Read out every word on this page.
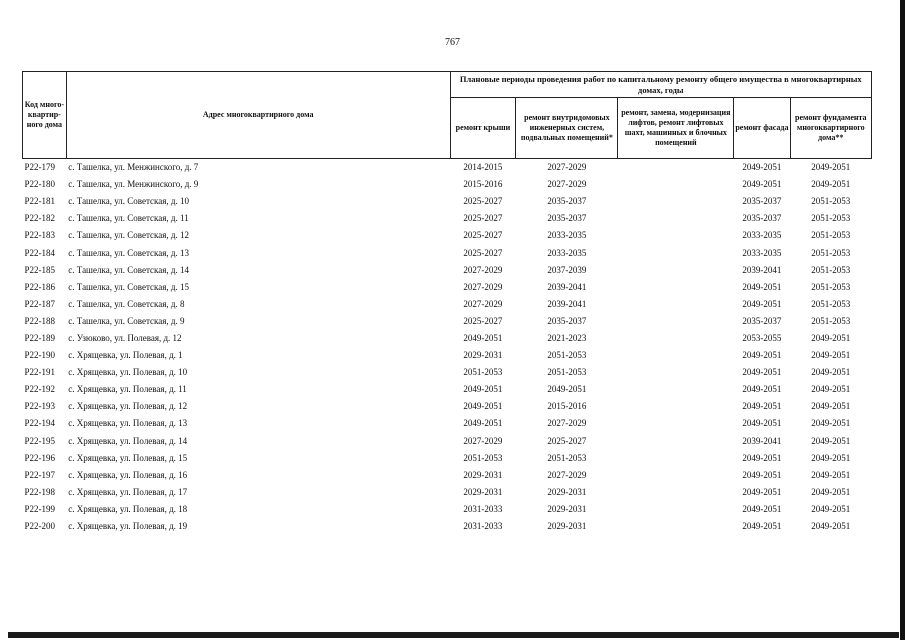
767
Код много-квартир-ного дома	Адрес многоквартирного дома	Плановые периоды проведения работ по капитальному ремонту общего имущества в многоквартирных домах, годы				
		ремонт крыши	ремонт внутридомовых инженерных систем, подвальных помещений*	ремонт, замена, модернизация лифтов, ремонт лифтовых шахт, машинных и блочных помещений	ремонт фасада	ремонт фундамента многоквартирного дома**
P22-179	с. Ташелка, ул. Менжинского, д. 7	2014-2015	2027-2029		2049-2051	2049-2051
P22-180	с. Ташелка, ул. Менжинского, д. 9	2015-2016	2027-2029		2049-2051	2049-2051
P22-181	с. Ташелка, ул. Советская, д. 10	2025-2027	2035-2037		2035-2037	2051-2053
P22-182	с. Ташелка, ул. Советская, д. 11	2025-2027	2035-2037		2035-2037	2051-2053
P22-183	с. Ташелка, ул. Советская, д. 12	2025-2027	2033-2035		2033-2035	2051-2053
P22-184	с. Ташелка, ул. Советская, д. 13	2025-2027	2033-2035		2033-2035	2051-2053
P22-185	с. Ташелка, ул. Советская, д. 14	2027-2029	2037-2039		2039-2041	2051-2053
P22-186	с. Ташелка, ул. Советская, д. 15	2027-2029	2039-2041		2049-2051	2051-2053
P22-187	с. Ташелка, ул. Советская, д. 8	2027-2029	2039-2041		2049-2051	2051-2053
P22-188	с. Ташелка, ул. Советская, д. 9	2025-2027	2035-2037		2035-2037	2051-2053
P22-189	с. Узюково, ул. Полевая, д. 12	2049-2051	2021-2023		2053-2055	2049-2051
P22-190	с. Хрящевка, ул. Полевая, д. 1	2029-2031	2051-2053		2049-2051	2049-2051
P22-191	с. Хрящевка, ул. Полевая, д. 10	2051-2053	2051-2053		2049-2051	2049-2051
P22-192	с. Хрящевка, ул. Полевая, д. 11	2049-2051	2049-2051		2049-2051	2049-2051
P22-193	с. Хрящевка, ул. Полевая, д. 12	2049-2051	2015-2016		2049-2051	2049-2051
P22-194	с. Хрящевка, ул. Полевая, д. 13	2049-2051	2027-2029		2049-2051	2049-2051
P22-195	с. Хрящевка, ул. Полевая, д. 14	2027-2029	2025-2027		2039-2041	2049-2051
P22-196	с. Хрящевка, ул. Полевая, д. 15	2051-2053	2051-2053		2049-2051	2049-2051
P22-197	с. Хрящевка, ул. Полевая, д. 16	2029-2031	2027-2029		2049-2051	2049-2051
P22-198	с. Хрящевка, ул. Полевая, д. 17	2029-2031	2029-2031		2049-2051	2049-2051
P22-199	с. Хрящевка, ул. Полевая, д. 18	2031-2033	2029-2031		2049-2051	2049-2051
P22-200	с. Хрящевка, ул. Полевая, д. 19	2031-2033	2029-2031		2049-2051	2049-2051
